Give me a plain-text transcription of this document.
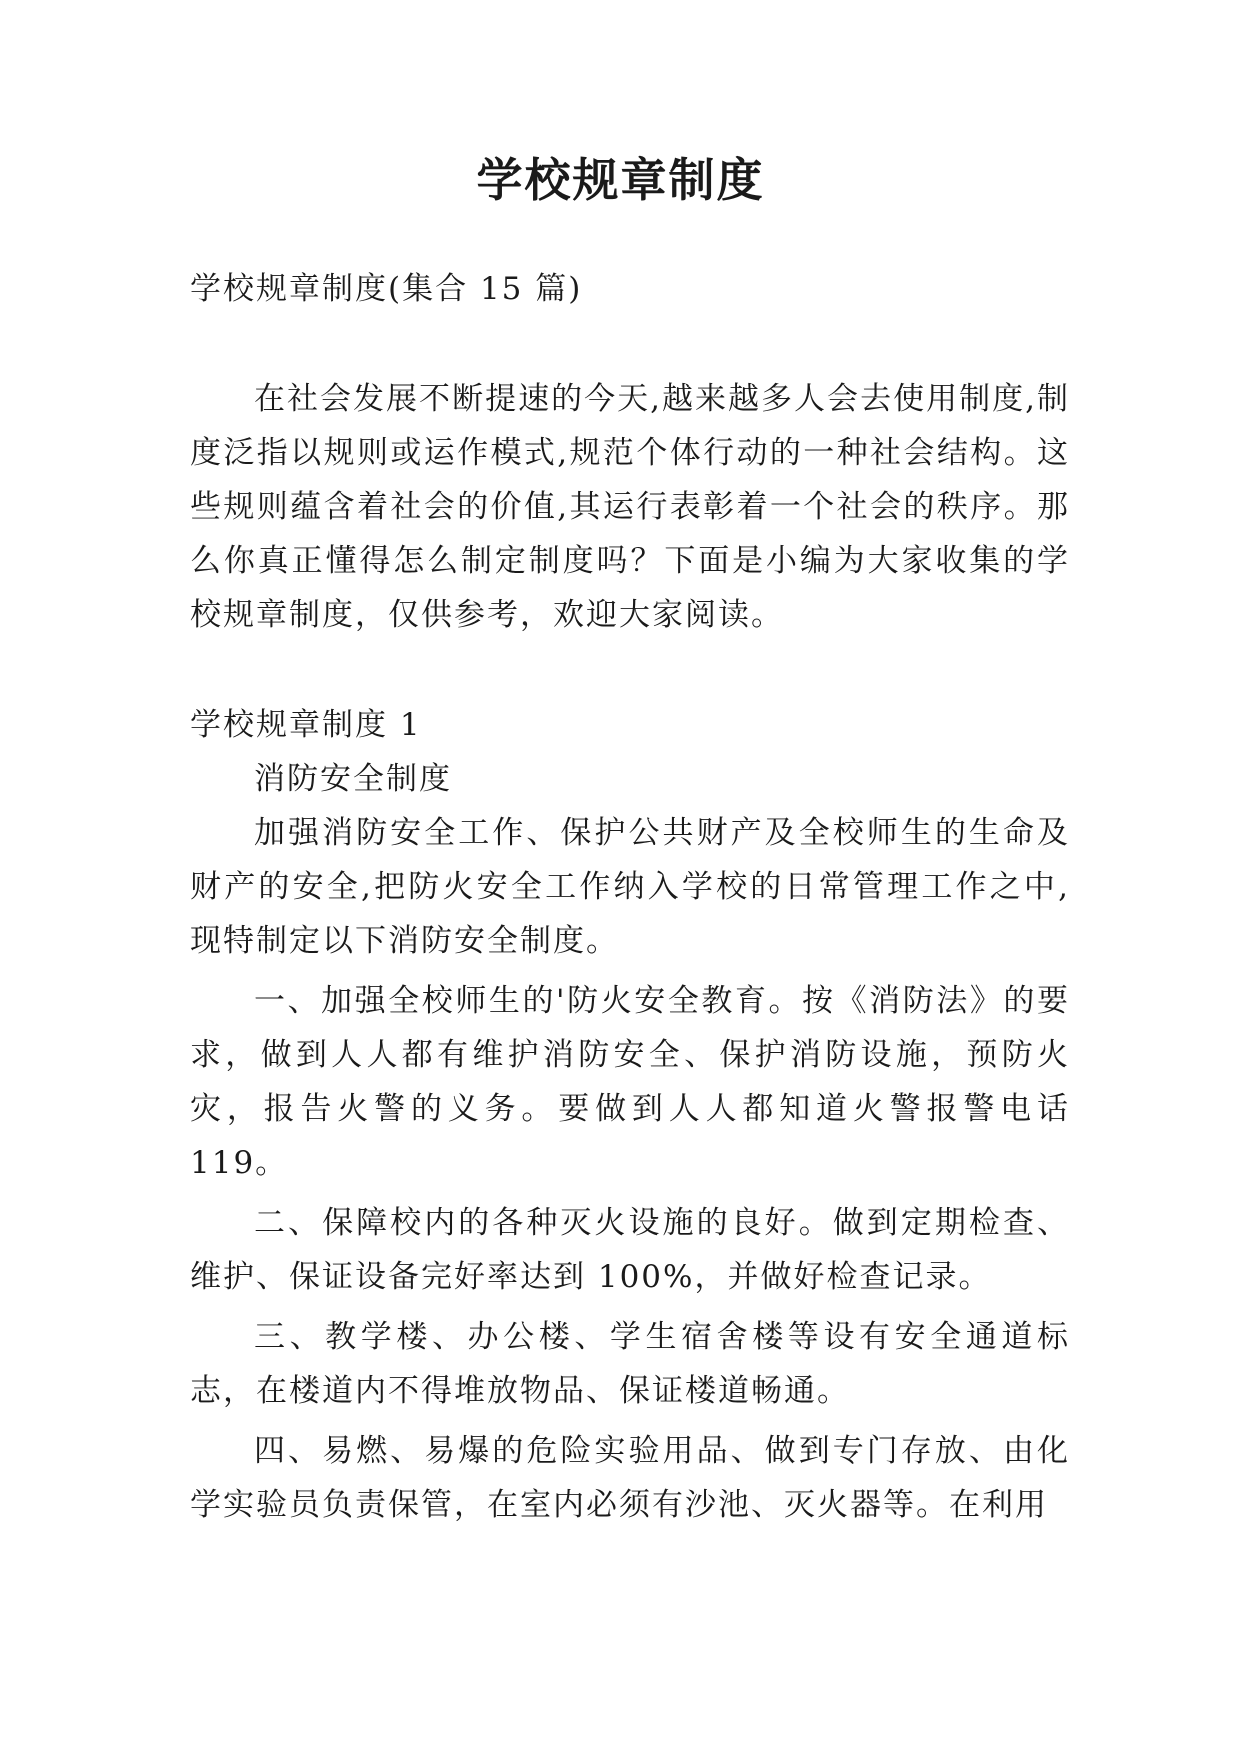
学校规章制度

学校规章制度(集合 15 篇)

在社会发展不断提速的今天,越来越多人会去使用制度,制度泛指以规则或运作模式,规范个体行动的一种社会结构。这些规则蕴含着社会的价值,其运行表彰着一个社会的秩序。那么你真正懂得怎么制定制度吗？下面是小编为大家收集的学校规章制度，仅供参考，欢迎大家阅读。

学校规章制度 1

消防安全制度

加强消防安全工作、保护公共财产及全校师生的生命及财产的安全,把防火安全工作纳入学校的日常管理工作之中,现特制定以下消防安全制度。

一、加强全校师生的'防火安全教育。按《消防法》的要求，做到人人都有维护消防安全、保护消防设施，预防火灾，报告火警的义务。要做到人人都知道火警报警电话 119。

二、保障校内的各种灭火设施的良好。做到定期检查、维护、保证设备完好率达到 100%，并做好检查记录。

三、教学楼、办公楼、学生宿舍楼等设有安全通道标志，在楼道内不得堆放物品、保证楼道畅通。

四、易燃、易爆的危险实验用品、做到专门存放、由化学实验员负责保管，在室内必须有沙池、灭火器等。在利用
